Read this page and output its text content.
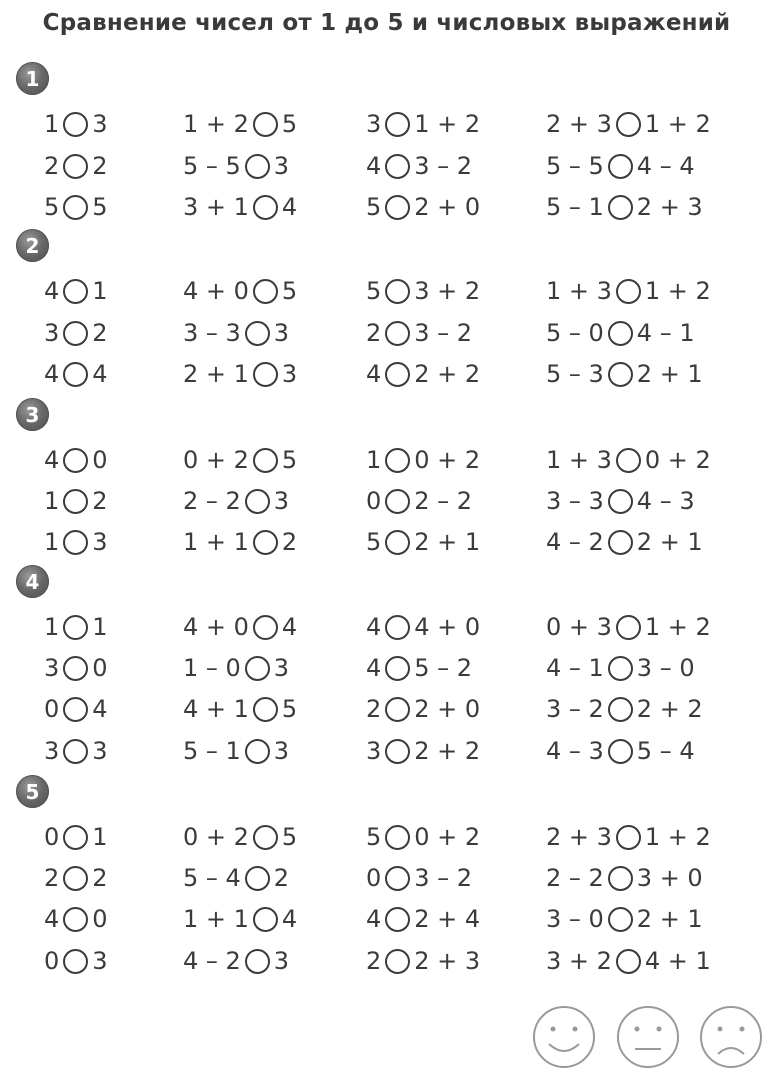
Сравнение чисел от 1 до 5 и числовых выражений
1
1 3	1 + 2 5	3 1 + 2	2 + 3 1 + 2
2 2	5 – 5 3	4 3 – 2	5 – 5 4 – 4
5 5	3 + 1 4	5 2 + 0	5 – 1 2 + 3
2
4 1	4 + 0 5	5 3 + 2	1 + 3 1 + 2
3 2	3 – 3 3	2 3 – 2	5 – 0 4 – 1
4 4	2 + 1 3	4 2 + 2	5 – 3 2 + 1
3
4 0	0 + 2 5	1 0 + 2	1 + 3 0 + 2
1 2	2 – 2 3	0 2 – 2	3 – 3 4 – 3
1 3	1 + 1 2	5 2 + 1	4 – 2 2 + 1
4
1 1	4 + 0 4	4 4 + 0	0 + 3 1 + 2
3 0	1 – 0 3	4 5 – 2	4 – 1 3 – 0
0 4	4 + 1 5	2 2 + 0	3 – 2 2 + 2
3 3	5 – 1 3	3 2 + 2	4 – 3 5 – 4
5
0 1	0 + 2 5	5 0 + 2	2 + 3 1 + 2
2 2	5 – 4 2	0 3 – 2	2 – 2 3 + 0
4 0	1 + 1 4	4 2 + 4	3 – 0 2 + 1
0 3	4 – 2 3	2 2 + 3	3 + 2 4 + 1
